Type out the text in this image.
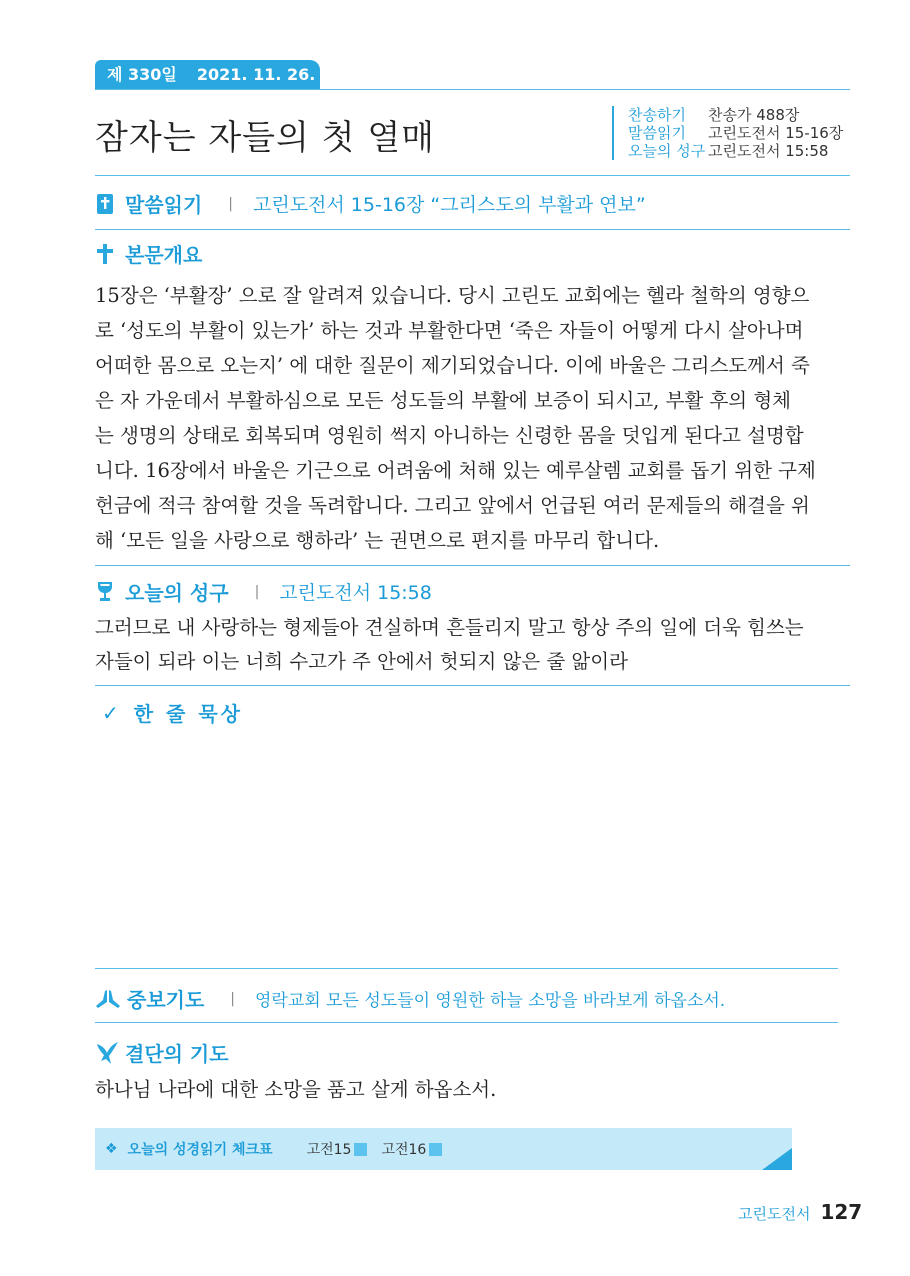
제 330일 2021. 11. 26. 금
잠자는 자들의 첫 열매
찬송하기 찬송가 488장
말씀읽기 고린도전서 15-16장
오늘의 성구 고린도전서 15:58
말씀읽기 | 고린도전서 15-16장 “그리스도의 부활과 연보”
본문개요
15장은 ‘부활장’ 으로 잘 알려져 있습니다. 당시 고린도 교회에는 헬라 철학의 영향으
로 ‘성도의 부활이 있는가’ 하는 것과 부활한다면 ‘죽은 자들이 어떻게 다시 살아나며
어떠한 몸으로 오는지’ 에 대한 질문이 제기되었습니다. 이에 바울은 그리스도께서 죽
은 자 가운데서 부활하심으로 모든 성도들의 부활에 보증이 되시고, 부활 후의 형체
는 생명의 상태로 회복되며 영원히 썩지 아니하는 신령한 몸을 덧입게 된다고 설명합
니다. 16장에서 바울은 기근으로 어려움에 처해 있는 예루살렘 교회를 돕기 위한 구제
헌금에 적극 참여할 것을 독려합니다. 그리고 앞에서 언급된 여러 문제들의 해결을 위
해 ‘모든 일을 사랑으로 행하라’ 는 권면으로 편지를 마무리 합니다.
오늘의 성구 | 고린도전서 15:58
그러므로 내 사랑하는 형제들아 견실하며 흔들리지 말고 항상 주의 일에 더욱 힘쓰는
자들이 되라 이는 너희 수고가 주 안에서 헛되지 않은 줄 앎이라
✓ 한 줄 묵상
중보기도 | 영락교회 모든 성도들이 영원한 하늘 소망을 바라보게 하옵소서.
결단의 기도
하나님 나라에 대한 소망을 품고 살게 하옵소서.
❖ 오늘의 성경읽기 체크표 고전15 고전16
고린도전서 127
